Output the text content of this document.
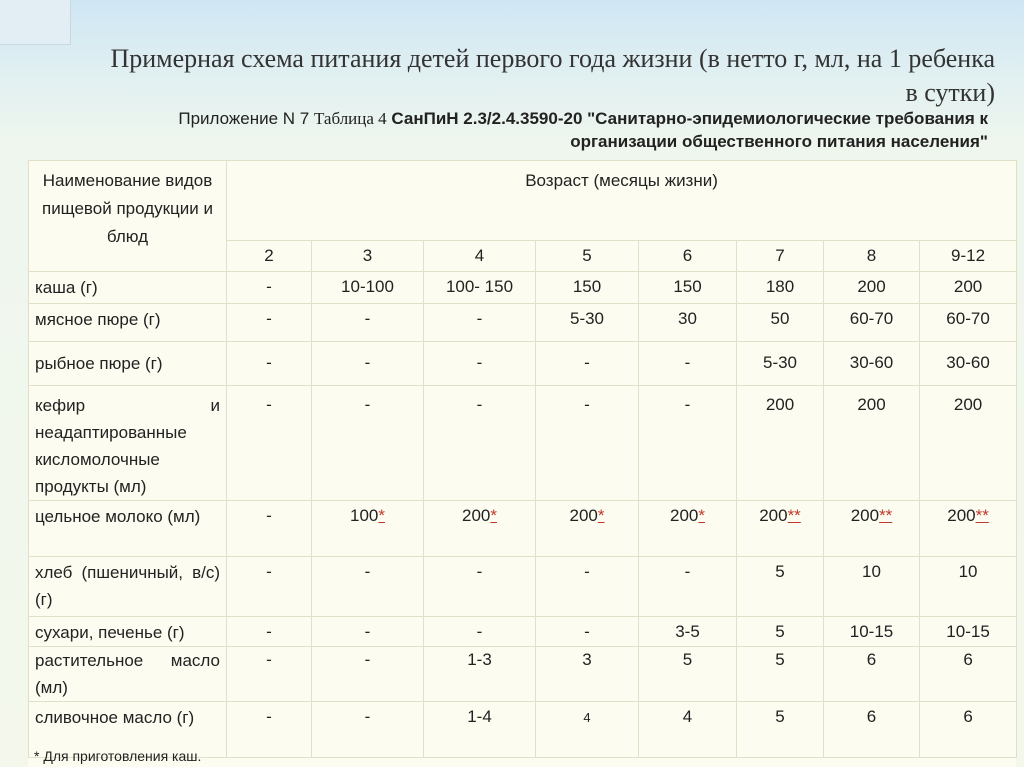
Примерная схема питания детей первого года жизни (в нетто г, мл, на 1 ребенка в сутки)
Приложение N 7 Таблица 4 СанПиН 2.3/2.4.3590-20 "Санитарно-эпидемиологические требования к организации общественного питания населения"
Наименование видов пищевой продукции и блюд	Возраст (месяцы жизни)							
	2	3	4	5	6	7	8	9-12
каша (г)	-	10-100	100- 150	150	150	180	200	200
мясное пюре (г)	-	-	-	5-30	30	50	60-70	60-70
рыбное пюре (г)	-	-	-	-	-	5-30	30-60	30-60
кефир и неадаптированные кисломолочные продукты (мл)	-	-	-	-	-	200	200	200
цельное молоко (мл)	-	100*	200*	200*	200*	200**	200**	200**
хлеб (пшеничный, в/с) (г)	-	-	-	-	-	5	10	10
сухари, печенье (г)	-	-	-	-	3-5	5	10-15	10-15
растительное масло (мл)	-	-	1-3	3	5	5	6	6
сливочное масло (г)	-	-	1-4	4	4	5	6	6
* Для приготовления каш.
